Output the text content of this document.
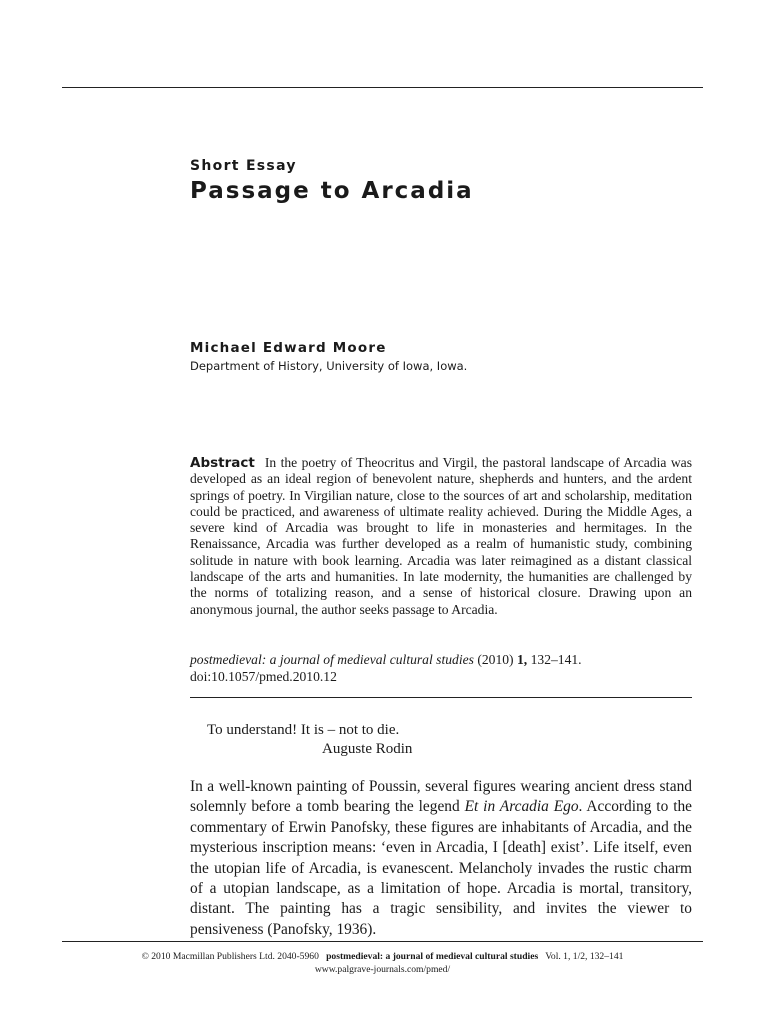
Short Essay
Passage to Arcadia
Michael Edward Moore
Department of History, University of Iowa, Iowa.
Abstract In the poetry of Theocritus and Virgil, the pastoral landscape of Arcadia was developed as an ideal region of benevolent nature, shepherds and hunters, and the ardent springs of poetry. In Virgilian nature, close to the sources of art and scholarship, meditation could be practiced, and awareness of ultimate reality achieved. During the Middle Ages, a severe kind of Arcadia was brought to life in monasteries and hermitages. In the Renaissance, Arcadia was further developed as a realm of humanistic study, combining solitude in nature with book learning. Arcadia was later reimagined as a distant classical landscape of the arts and humanities. In late modernity, the humanities are challenged by the norms of totalizing reason, and a sense of historical closure. Drawing upon an anonymous journal, the author seeks passage to Arcadia.
postmedieval: a journal of medieval cultural studies (2010) 1, 132–141.
doi:10.1057/pmed.2010.12
To understand! It is – not to die.
Auguste Rodin
In a well-known painting of Poussin, several figures wearing ancient dress stand solemnly before a tomb bearing the legend Et in Arcadia Ego. According to the commentary of Erwin Panofsky, these figures are inhabitants of Arcadia, and the mysterious inscription means: ‘even in Arcadia, I [death] exist’. Life itself, even the utopian life of Arcadia, is evanescent. Melancholy invades the rustic charm of a utopian landscape, as a limitation of hope. Arcadia is mortal, transitory, distant. The painting has a tragic sensibility, and invites the viewer to pensiveness (Panofsky, 1936).
© 2010 Macmillan Publishers Ltd. 2040-5960 postmedieval: a journal of medieval cultural studies Vol. 1, 1/2, 132–141
www.palgrave-journals.com/pmed/
